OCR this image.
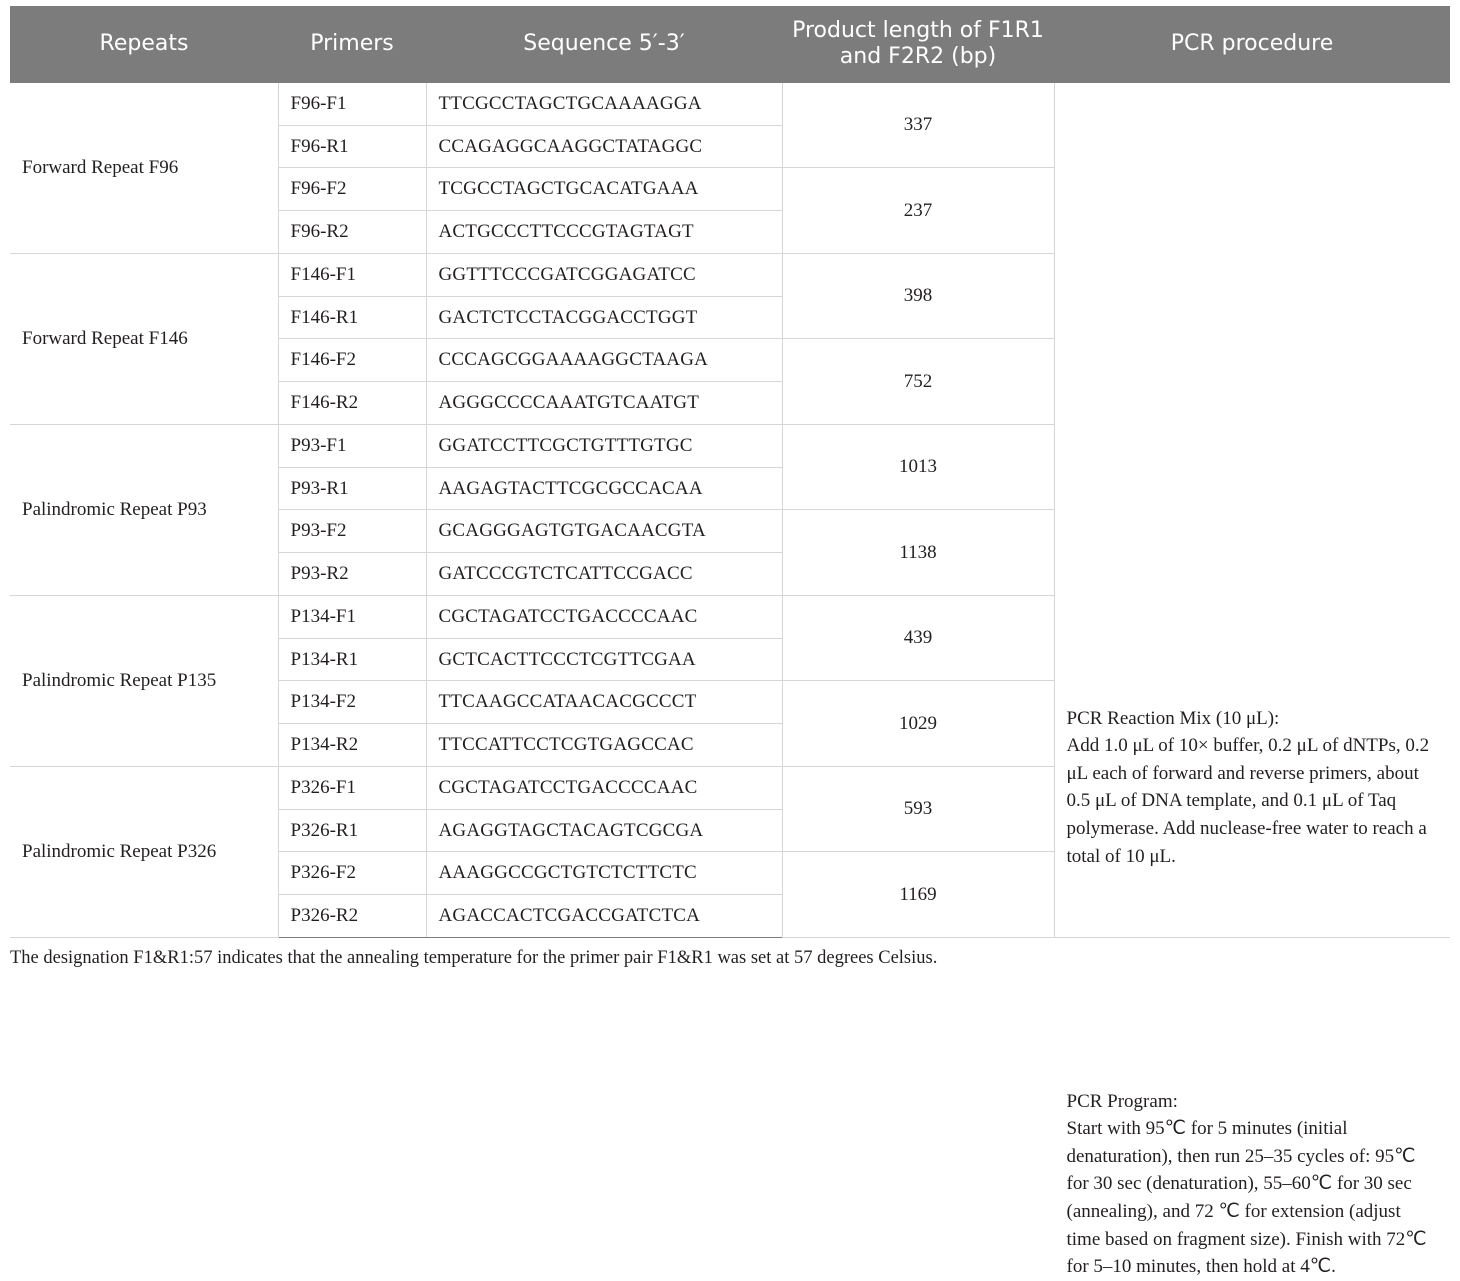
Repeats	Primers	Sequence 5′-3′	Product length of F1R1 and F2R2 (bp)	PCR procedure
Forward Repeat F96	F96-F1	TTCGCCTAGCTGCAAAAGGA	337	PCR Reaction Mix (10 μL):
Add 1.0 μL of 10× buffer, 0.2 μL of dNTPs, 0.2 μL each of forward and reverse primers, about 0.5 μL of DNA template, and 0.1 μL of Taq polymerase. Add nuclease-free water to reach a total of 10 μL.
PCR Program:
Start with 95℃ for 5 minutes (initial denaturation), then run 25–35 cycles of: 95℃ for 30 sec (denaturation), 55–60℃ for 30 sec (annealing), and 72 ℃ for extension (adjust time based on fragment size). Finish with 72℃ for 5–10 minutes, then hold at 4℃.

	F96-R1	CCAGAGGCAAGGCTATAGGC		
	F96-F2	TCGCCTAGCTGCACATGAAA	237	
	F96-R2	ACTGCCCTTCCCGTAGTAGT		
Forward Repeat F146	F146-F1	GGTTTCCCGATCGGAGATCC	398	
	F146-R1	GACTCTCCTACGGACCTGGT		
	F146-F2	CCCAGCGGAAAAGGCTAAGA	752	
	F146-R2	AGGGCCCCAAATGTCAATGT		
Palindromic Repeat P93	P93-F1	GGATCCTTCGCTGTTTGTGC	1013	
	P93-R1	AAGAGTACTTCGCGCCACAA		
	P93-F2	GCAGGGAGTGTGACAACGTA	1138	
	P93-R2	GATCCCGTCTCATTCCGACC		
Palindromic Repeat P135	P134-F1	CGCTAGATCCTGACCCCAAC	439	
	P134-R1	GCTCACTTCCCTCGTTCGAA		
	P134-F2	TTCAAGCCATAACACGCCCT	1029	
	P134-R2	TTCCATTCCTCGTGAGCCAC		
Palindromic Repeat P326	P326-F1	CGCTAGATCCTGACCCCAAC	593	
	P326-R1	AGAGGTAGCTACAGTCGCGA		
	P326-F2	AAAGGCCGCTGTCTCTTCTC	1169	
	P326-R2	AGACCACTCGACCGATCTCA		
The designation F1&R1:57 indicates that the annealing temperature for the primer pair F1&R1 was set at 57 degrees Celsius.
